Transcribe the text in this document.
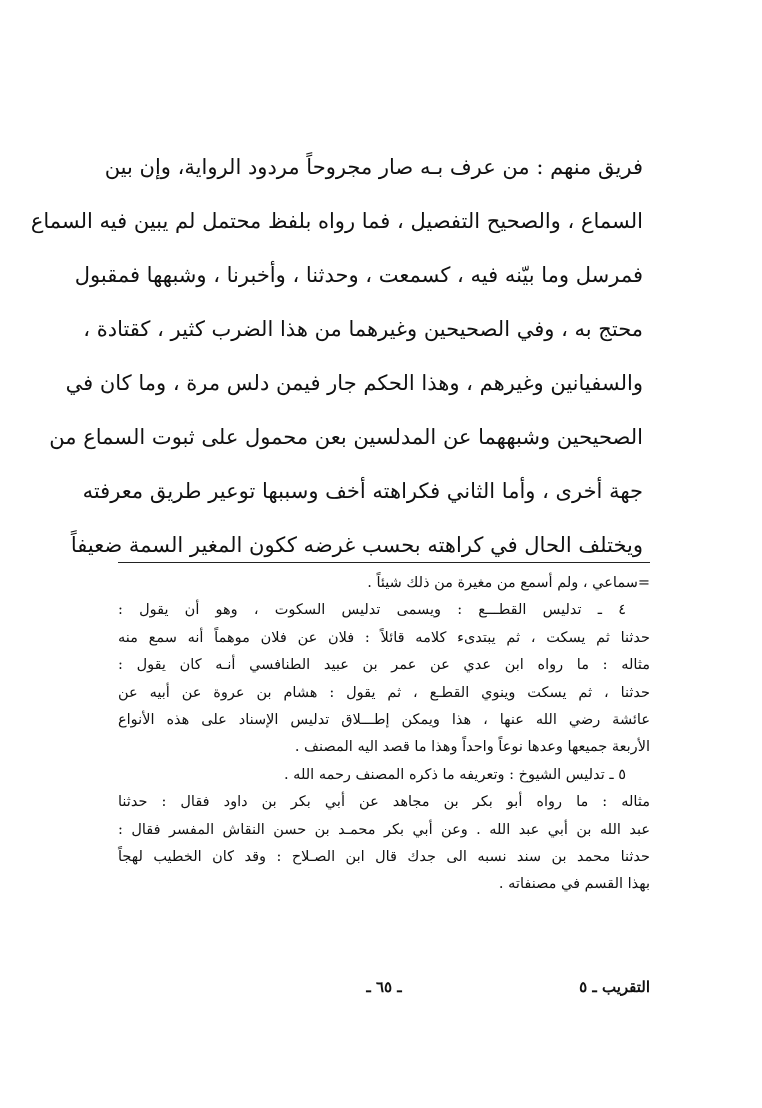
فريق منهم : من عرف بـه صار مجروحاً مردود الرواية، وإن بين
السماع ، والصحيح التفصيل ، فما رواه بلفظ محتمل لم يبين فيه السماع
فمرسل وما بيّنه فيه ، كسمعت ، وحدثنا ، وأخبرنا ، وشبهها فمقبول
محتج به ، وفي الصحيحين وغيرهما من هذا الضرب كثير ، كقتادة ،
والسفيانين وغيرهم ، وهذا الحكم جار فيمن دلس مرة ، وما كان في
الصحيحين وشبههما عن المدلسين بعن محمول على ثبوت السماع من
جهة أخرى ، وأما الثاني فكراهته أخف وسببها توعير طريق معرفته
ويختلف الحال في كراهته بحسب غرضه ككون المغير السمة ضعيفاً
=سماعي ، ولم أسمع من مغيرة من ذلك شيئاً .
٤ ـ تدليس القطـــع : ويسمى تدليس السكوت ، وهو أن يقول :
حدثنا ثم يسكت ، ثم يبتدىء كلامه قائلاً : فلان عن فلان موهماً أنه سمع منه
مثاله : ما رواه ابن عدي عن عمر بن عبيد الطنافسي أنـه كان يقول :
حدثنا ، ثم يسكت وينوي القطـع ، ثم يقول : هشام بن عروة عن أبيه عن
عائشة رضي الله عنها ، هذا ويمكن إطـــلاق تدليس الإسناد على هذه الأنواع
الأربعة جميعها وعدها نوعاً واحداً وهذا ما قصد اليه المصنف .
٥ ـ تدليس الشيوخ : وتعريفه ما ذكره المصنف رحمه الله .
مثاله : ما رواه أبو بكر بن مجاهد عن أبي بكر بن داود فقال : حدثنا
عبد الله بن أبي عبد الله . وعن أبي بكر محمـد بن حسن النقاش المفسر فقال :
حدثنا محمد بن سند نسبه الى جدك قال ابن الصـلاح : وقد كان الخطيب لهجاً
بهذا القسم في مصنفاته .
التقريب ـ ٥
ـ ٦٥ ـ
